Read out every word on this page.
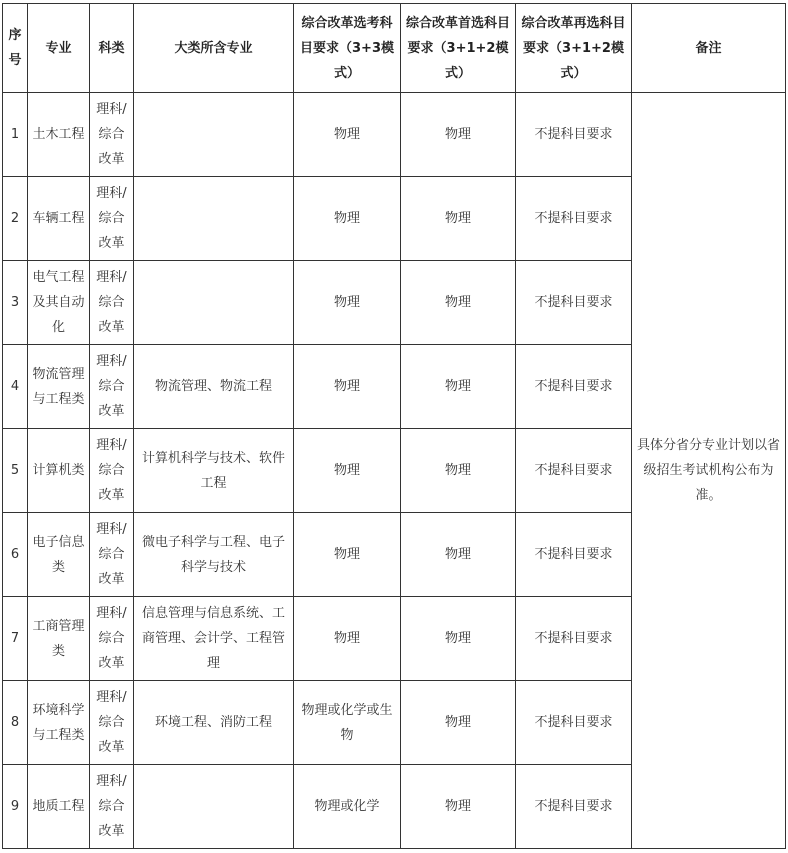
序号	专业	科类	大类所含专业	综合改革选考科目要求（3+3模式）	综合改革首选科目要求（3+1+2模式）	综合改革再选科目要求（3+1+2模式）	备注
1	土木工程	理科/综合改革		物理	物理	不提科目要求	具体分省分专业计划以省级招生考试机构公布为准。
2	车辆工程	理科/综合改革		物理	物理	不提科目要求	
3	电气工程及其自动化	理科/综合改革		物理	物理	不提科目要求	
4	物流管理与工程类	理科/综合改革	物流管理、物流工程	物理	物理	不提科目要求	
5	计算机类	理科/综合改革	计算机科学与技术、软件工程	物理	物理	不提科目要求	
6	电子信息类	理科/综合改革	微电子科学与工程、电子科学与技术	物理	物理	不提科目要求	
7	工商管理类	理科/综合改革	信息管理与信息系统、工商管理、会计学、工程管理	物理	物理	不提科目要求	
8	环境科学与工程类	理科/综合改革	环境工程、消防工程	物理或化学或生物	物理	不提科目要求	
9	地质工程	理科/综合改革		物理或化学	物理	不提科目要求	
